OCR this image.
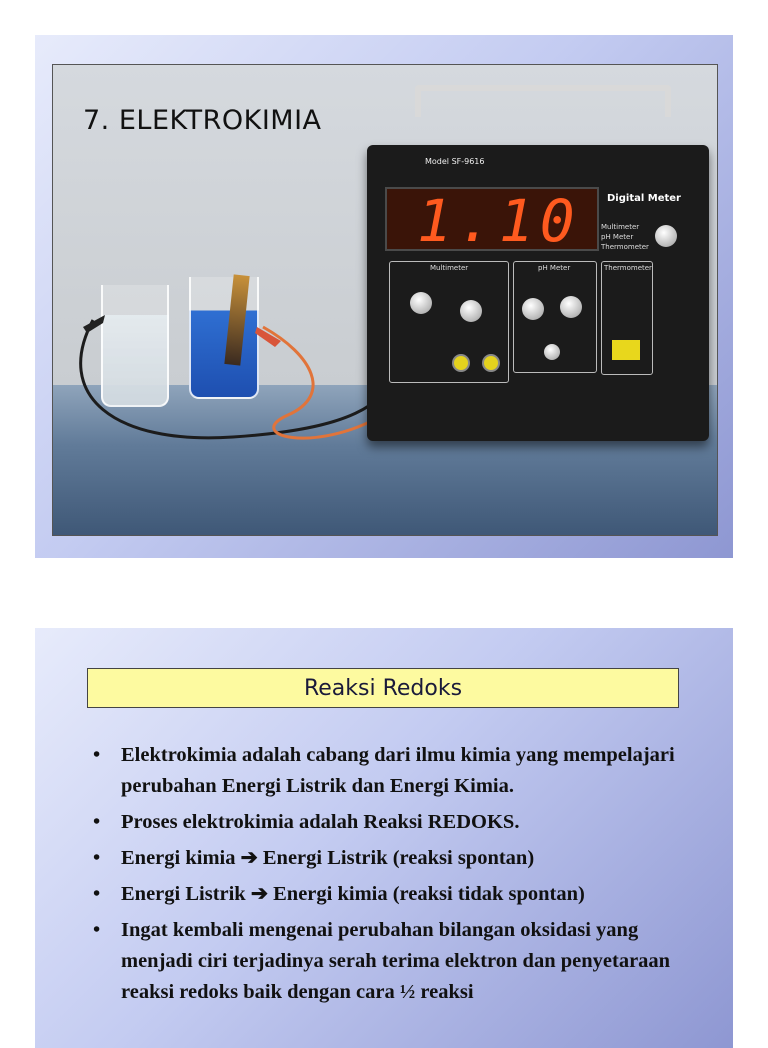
7. ELEKTROKIMIA
Model SF-9616
Digital Meter
1.10	Multimeter
pH Meter
Thermometer
Multimeter	pH Meter	Thermometer
Reaksi Redoks
• Elektrokimia adalah cabang dari ilmu kimia yang mempelajari perubahan Energi Listrik dan Energi Kimia.
• Proses elektrokimia adalah Reaksi REDOKS.
• Energi kimia ➔ Energi Listrik (reaksi spontan)
• Energi Listrik ➔ Energi kimia (reaksi tidak spontan)
• Ingat kembali mengenai perubahan bilangan oksidasi yang menjadi ciri terjadinya serah terima elektron dan penyetaraan reaksi redoks baik dengan cara ½ reaksi
